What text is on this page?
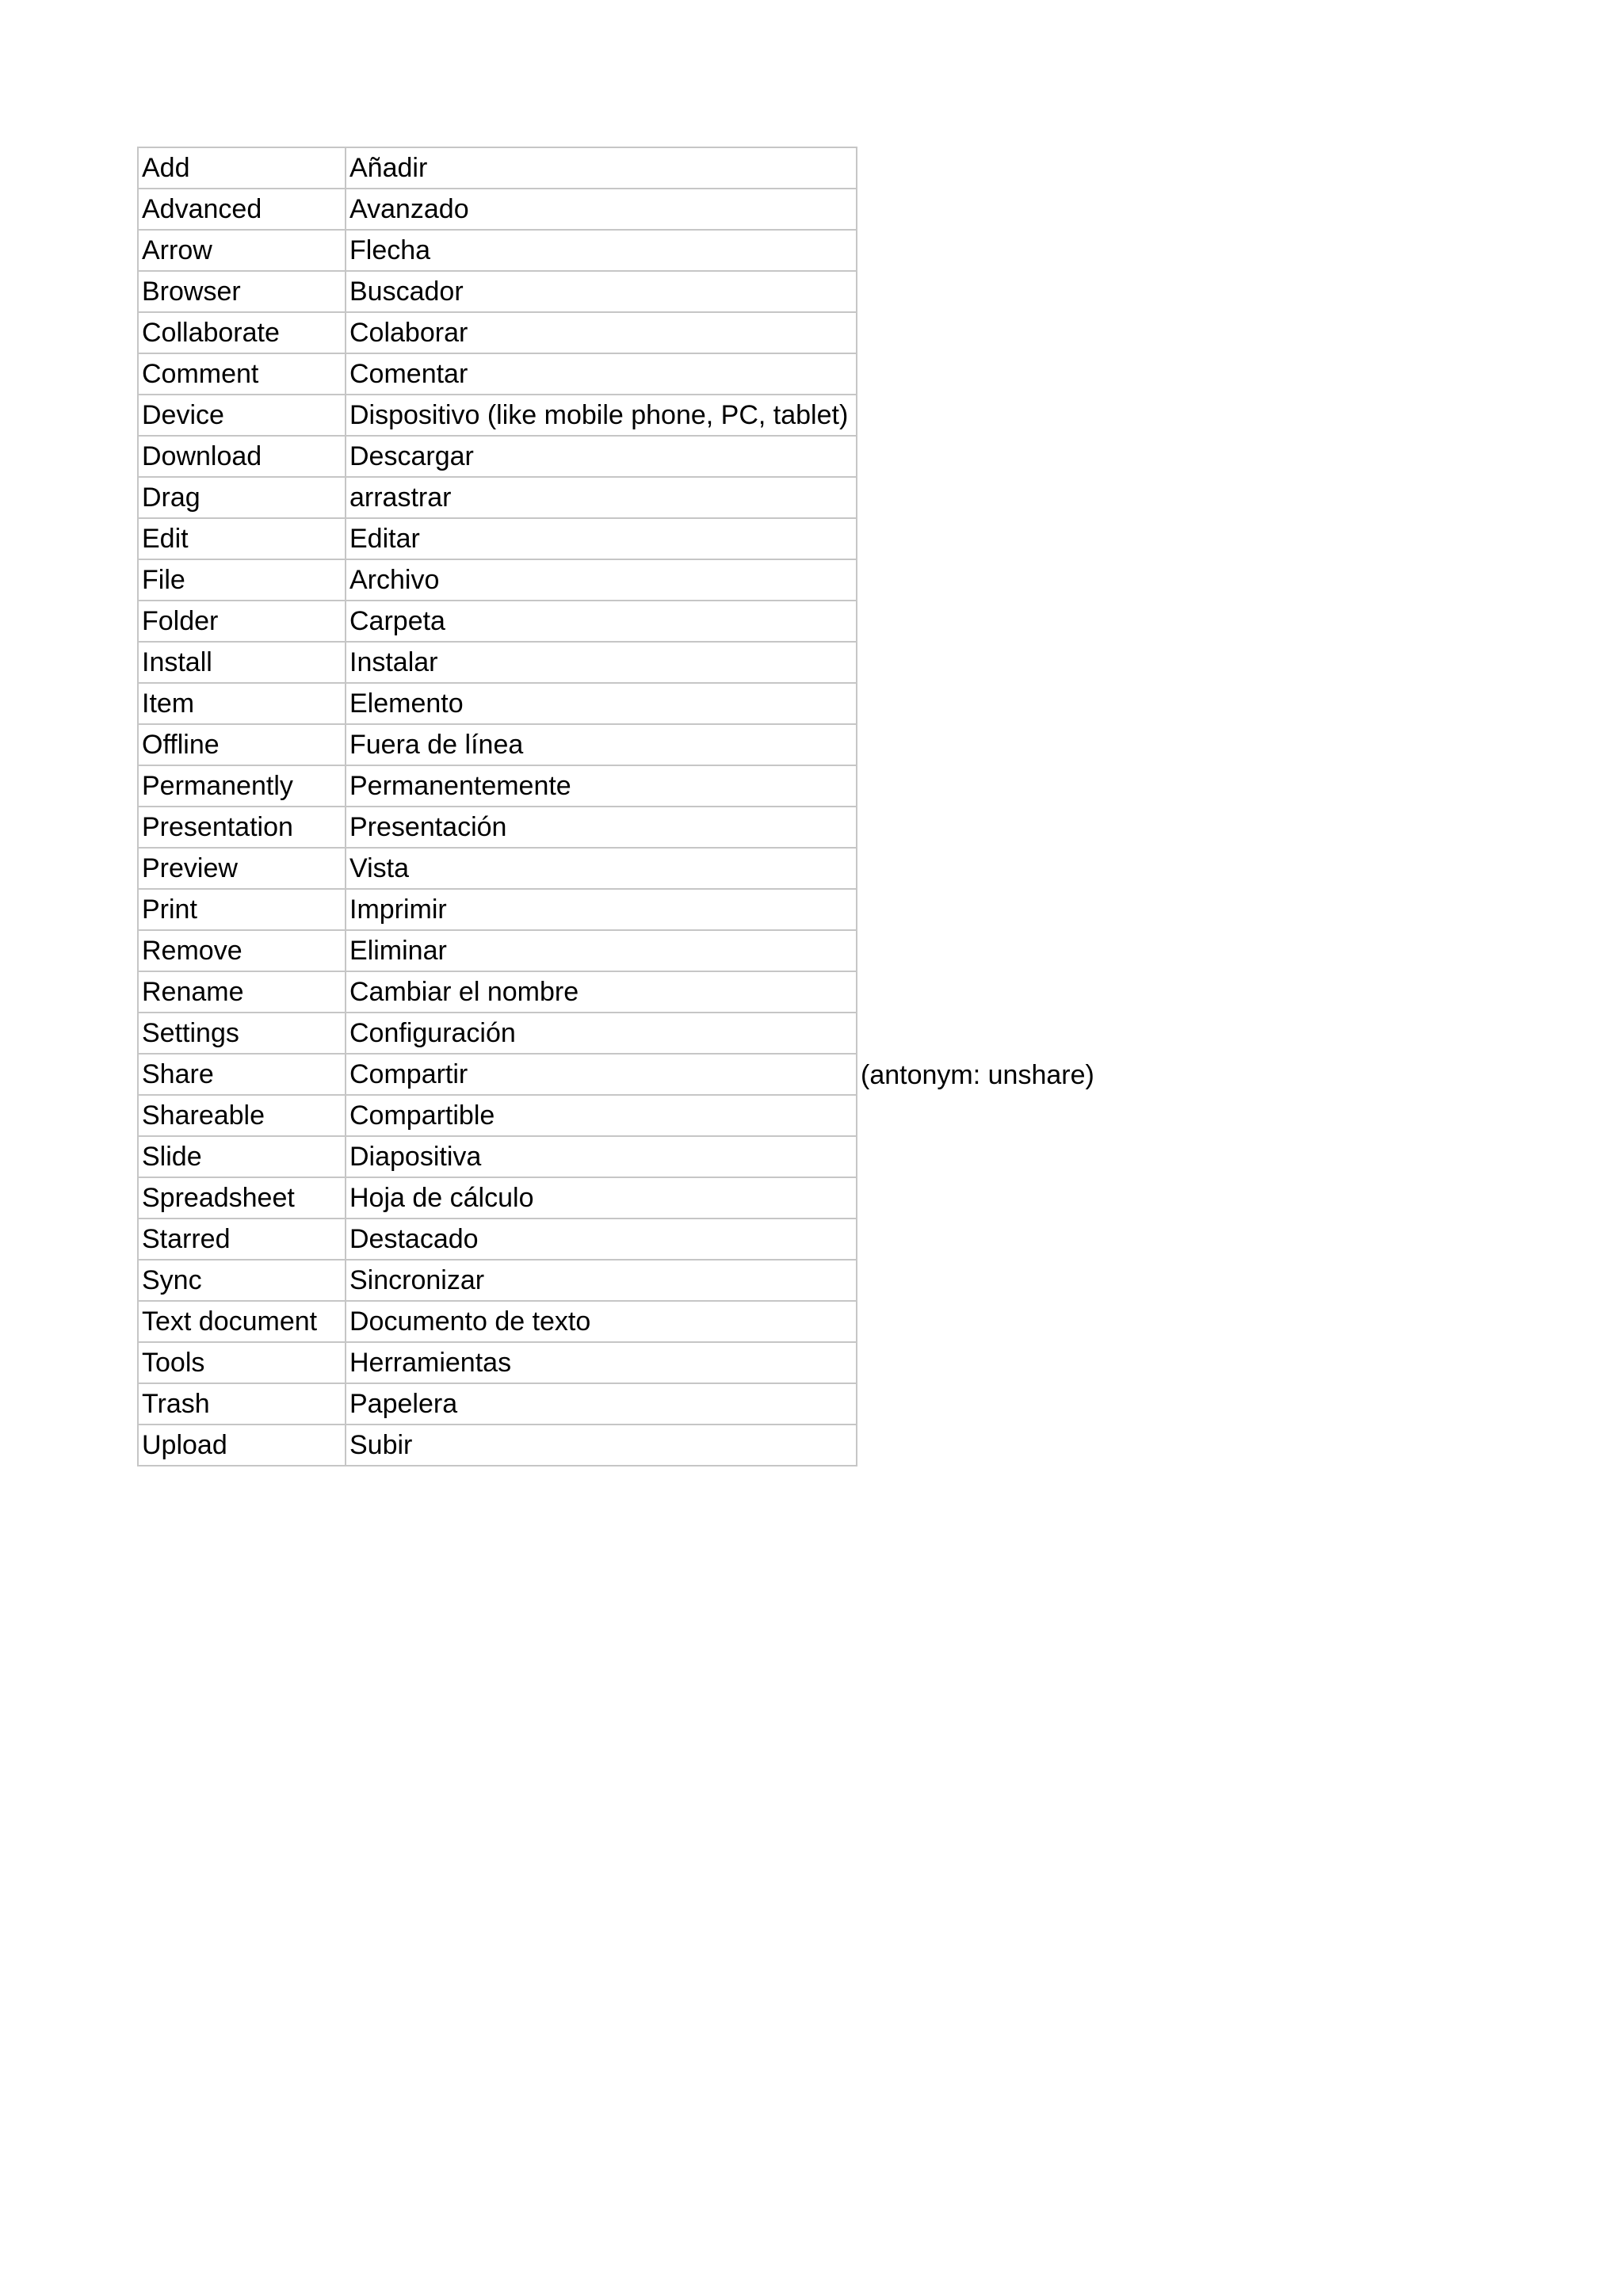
Add	Añadir	
Advanced	Avanzado	
Arrow	Flecha	
Browser	Buscador	
Collaborate	Colaborar	
Comment	Comentar	
Device	Dispositivo (like mobile phone, PC, tablet)	
Download	Descargar	
Drag	arrastrar	
Edit	Editar	
File	Archivo	
Folder	Carpeta	
Install	Instalar	
Item	Elemento	
Offline	Fuera de línea	
Permanently	Permanentemente	
Presentation	Presentación	
Preview	Vista	
Print	Imprimir	
Remove	Eliminar	
Rename	Cambiar el nombre	
Settings	Configuración	
Share	Compartir	(antonym: unshare)
Shareable	Compartible	
Slide	Diapositiva	
Spreadsheet	Hoja de cálculo	
Starred	Destacado	
Sync	Sincronizar	
Text document	Documento de texto	
Tools	Herramientas	
Trash	Papelera	
Upload	Subir	
